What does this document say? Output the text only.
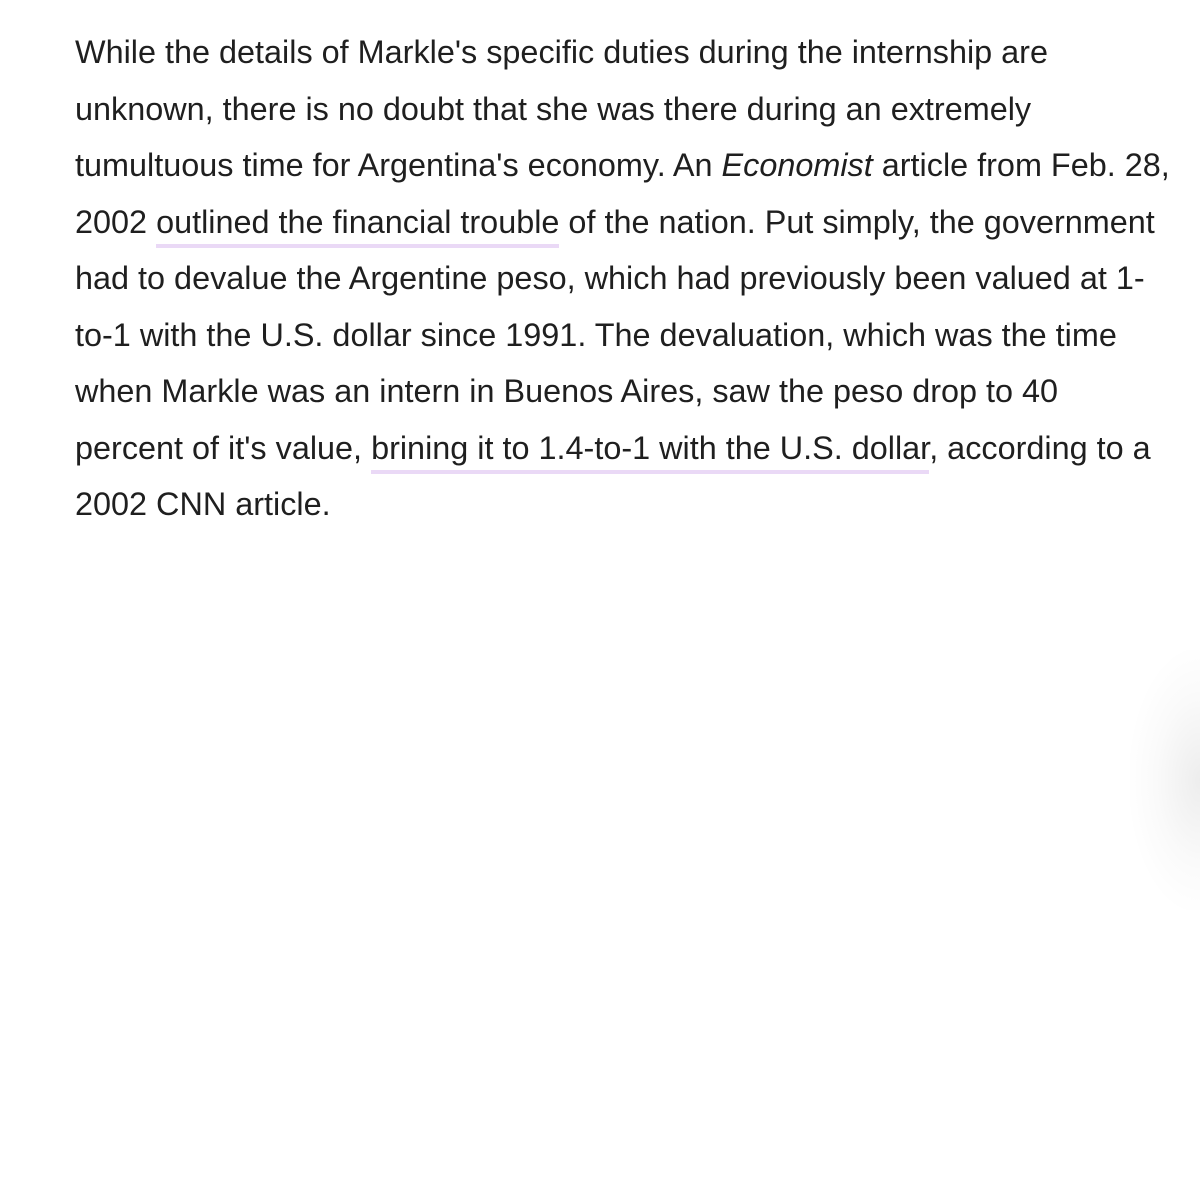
While the details of Markle's specific duties during the internship are unknown, there is no doubt that she was there during an extremely tumultuous time for Argentina's economy. An Economist article from Feb. 28, 2002 outlined the financial trouble of the nation. Put simply, the government had to devalue the Argentine peso, which had previously been valued at 1-to-1 with the U.S. dollar since 1991. The devaluation, which was the time when Markle was an intern in Buenos Aires, saw the peso drop to 40 percent of it's value, brining it to 1.4-to-1 with the U.S. dollar, according to a 2002 CNN article.
